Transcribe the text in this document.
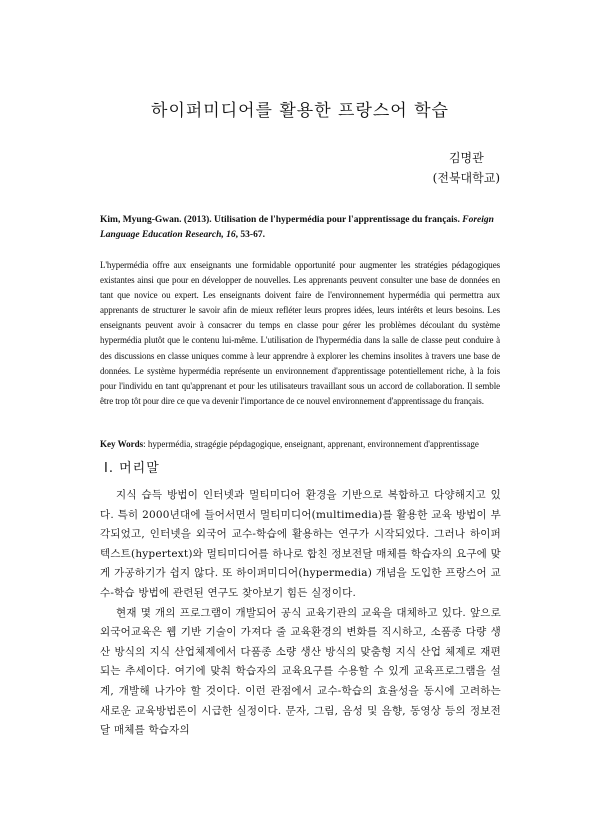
하이퍼미디어를 활용한 프랑스어 학습
김명관
(전북대학교)
Kim, Myung-Gwan. (2013). Utilisation de l'hypermédia pour l'apprentissage du français. Foreign Language Education Research, 16, 53-67.
L'hypermédia offre aux enseignants une formidable opportunité pour augmenter les stratégies pédagogiques existantes ainsi que pour en développer de nouvelles. Les apprenants peuvent consulter une base de données en tant que novice ou expert. Les enseignants doivent faire de l'environnement hypermédia qui permettra aux apprenants de structurer le savoir afin de mieux refléter leurs propres idées, leurs intérêts et leurs besoins. Les enseignants peuvent avoir à consacrer du temps en classe pour gérer les problèmes découlant du système hypermédia plutôt que le contenu lui-même. L'utilisation de l'hypermédia dans la salle de classe peut conduire à des discussions en classe uniques comme à leur apprendre à explorer les chemins insolites à travers une base de données. Le système hypermédia représente un environnement d'apprentissage potentiellement riche, à la fois pour l'individu en tant qu'apprenant et pour les utilisateurs travaillant sous un accord de collaboration. Il semble être trop tôt pour dire ce que va devenir l'importance de ce nouvel environnement d'apprentissage du français.
Key Words: hypermédia, stragégie pépdagogique, enseignant, apprenant, environnement d'apprentissage
Ⅰ. 머리말

지식 습득 방법이 인터넷과 멀티미디어 환경을 기반으로 복합하고 다양해지고 있다. 특히 2000년대에 들어서면서 멀티미디어(multimedia)를 활용한 교육 방법이 부각되었고, 인터넷을 외국어 교수-학습에 활용하는 연구가 시작되었다. 그러나 하이퍼텍스트(hypertext)와 멀티미디어를 하나로 합친 정보전달 매체를 학습자의 요구에 맞게 가공하기가 쉽지 않다. 또 하이퍼미디어(hypermedia) 개념을 도입한 프랑스어 교수-학습 방법에 관련된 연구도 찾아보기 힘든 실정이다.

현재 몇 개의 프로그램이 개발되어 공식 교육기관의 교육을 대체하고 있다. 앞으로 외국어교육은 웹 기반 기술이 가져다 줄 교육환경의 변화를 직시하고, 소품종 다량 생산 방식의 지식 산업체제에서 다품종 소량 생산 방식의 맞춤형 지식 산업 체제로 재편되는 추세이다. 여기에 맞춰 학습자의 교육요구를 수용할 수 있게 교육프로그램을 설계, 개발해 나가야 할 것이다. 이런 관점에서 교수-학습의 효율성을 동시에 고려하는 새로운 교육방법론이 시급한 실정이다. 문자, 그림, 음성 및 음향, 동영상 등의 정보전달 매체를 학습자의
